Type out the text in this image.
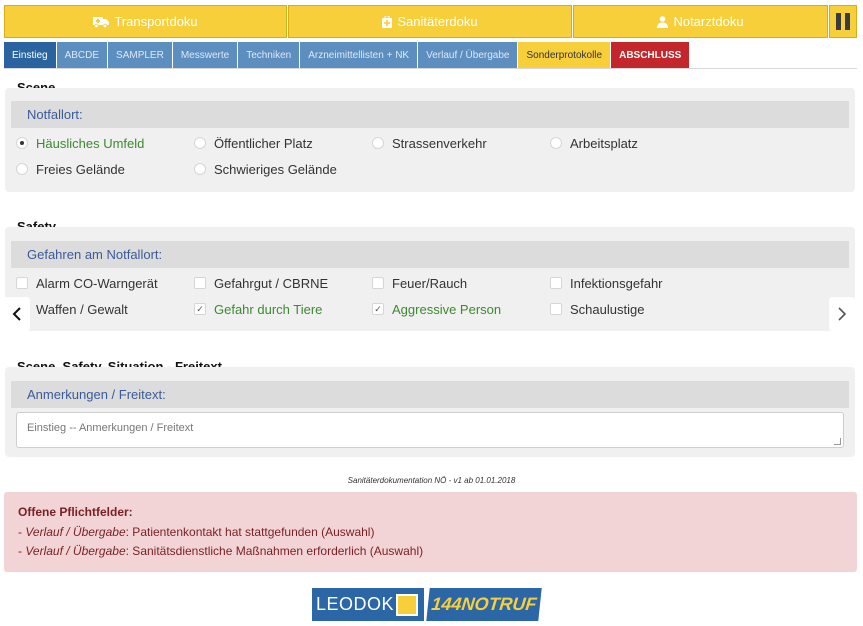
Transportdoku	Sanitäterdoku	Notarztdoku
Einstieg	ABCDE	SAMPLER	Messwerte	Techniken	Arzneimittellisten + NK	Verlauf / Übergabe	Sonderprotokolle	ABSCHLUSS
Notfallort:
Häusliches Umfeld	Öffentlicher Platz	Strassenverkehr	Arbeitsplatz
Freies Gelände	Schwieriges Gelände
Gefahren am Notfallort:
Alarm CO-Warngerät	Gefahrgut / CBRNE	Feuer/Rauch	Infektionsgefahr
Waffen / Gewalt	✓ Gefahr durch Tiere	✓ Aggressive Person	Schaulustige
Anmerkungen / Freitext:
Einstieg -- Anmerkungen / Freitext
Sanitäterdokumentation NÖ - v1 ab 01.01.2018
Offene Pflichtfelder:
- Verlauf / Übergabe: Patientenkontakt hat stattgefunden (Auswahl)
- Verlauf / Übergabe: Sanitätsdienstliche Maßnahmen erforderlich (Auswahl)
LEODOK 144NOTRUF
